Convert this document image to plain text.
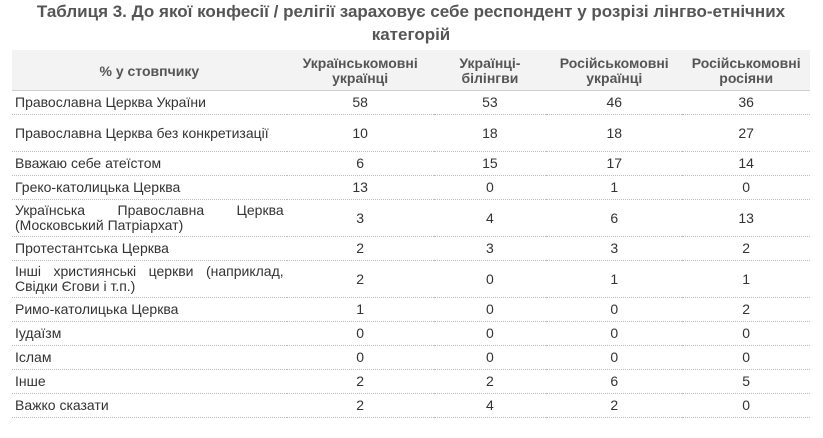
Таблиця 3. До якої конфесії / релігії зараховує себе респондент у розрізі лінгво-етнічних категорій
% у стовпчику	Українськомовні українці	Українці-білінгви	Російськомовні українці	Російськомовні росіяни
Православна Церква України	58	53	46	36
Православна Церква без конкретизації	10	18	18	27
Вважаю себе атеїстом	6	15	17	14
Греко-католицька Церква	13	0	1	0
Українська Православна Церква (Московський Патріархат)	3	4	6	13
Протестантська Церква	2	3	3	2
Інші християнські церкви (наприклад, Свідки Єгови і т.п.)	2	0	1	1
Римо-католицька Церква	1	0	0	2
Іудаїзм	0	0	0	0
Іслам	0	0	0	0
Інше	2	2	6	5
Важко сказати	2	4	2	0
